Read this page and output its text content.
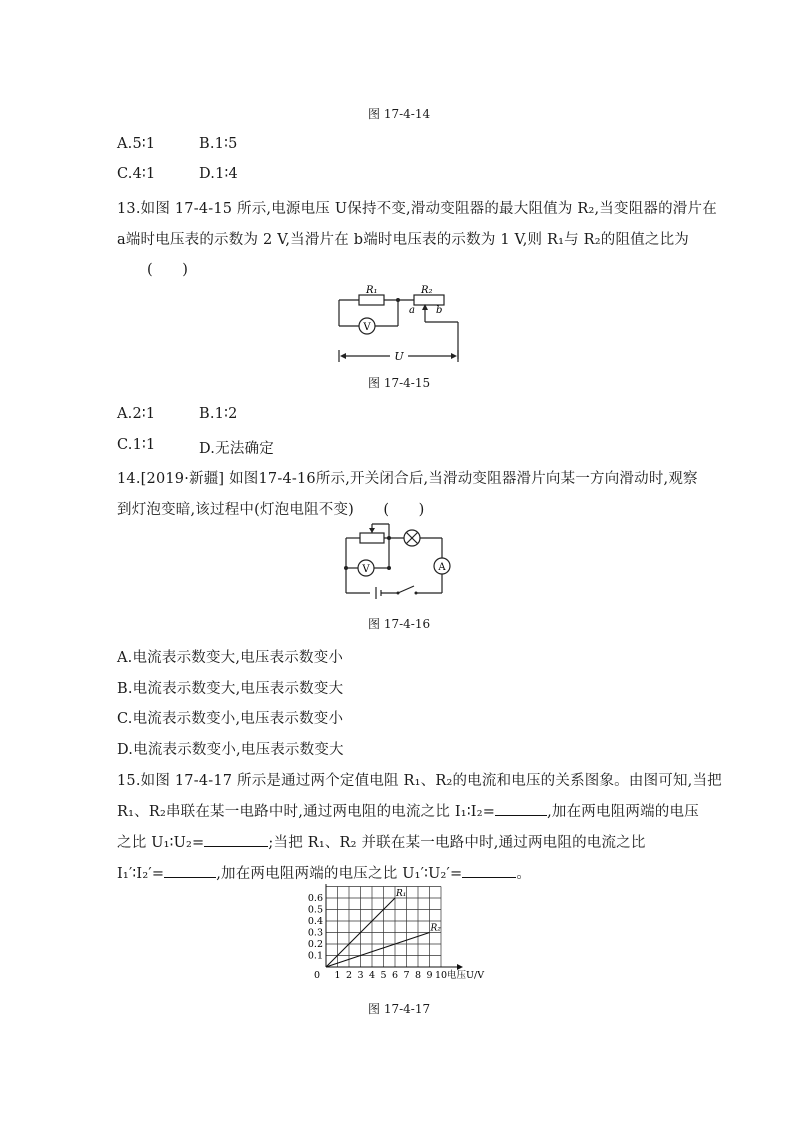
图 17-4-14
A.5∶1	B.1∶5
C.4∶1	D.1∶4
13.如图 17-4-15 所示,电源电压 U保持不变,滑动变阻器的最大阻值为 R₂,当变阻器的滑片在
a端时电压表的示数为 2 V,当滑片在 b端时电压表的示数为 1 V,则 R₁与 R₂的阻值之比为
(　　)
V
R₁	R₂
a b
U
图 17-4-15
A.2∶1	B.1∶2
C.1∶1	D.无法确定
14.[2019·新疆] 如图17-4-16所示,开关闭合后,当滑动变阻器滑片向某一方向滑动时,观察
到灯泡变暗,该过程中(灯泡电阻不变)　　(　　)
V	A
图 17-4-16
A.电流表示数变大,电压表示数变小
B.电流表示数变大,电压表示数变大
C.电流表示数变小,电压表示数变小
D.电流表示数变小,电压表示数变大
15.如图 17-4-17 所示是通过两个定值电阻 R₁、R₂的电流和电压的关系图象。由图可知,当把
R₁、R₂串联在某一电路中时,通过两电阻的电流之比 I₁∶I₂=	,加在两电阻两端的电压
之比 U₁∶U₂=	;当把 R₁、R₂ 并联在某一电路中时,通过两电阻的电流之比
I₁′∶I₂′=	,加在两电阻两端的电压之比 U₁′∶U₂′=	。
R₁
R₂
1 2 3 4 5 6 7 8 9 10
0.1
0.2
0.3
0.4
0.5
0.6
0	电压U/V
图 17-4-17
